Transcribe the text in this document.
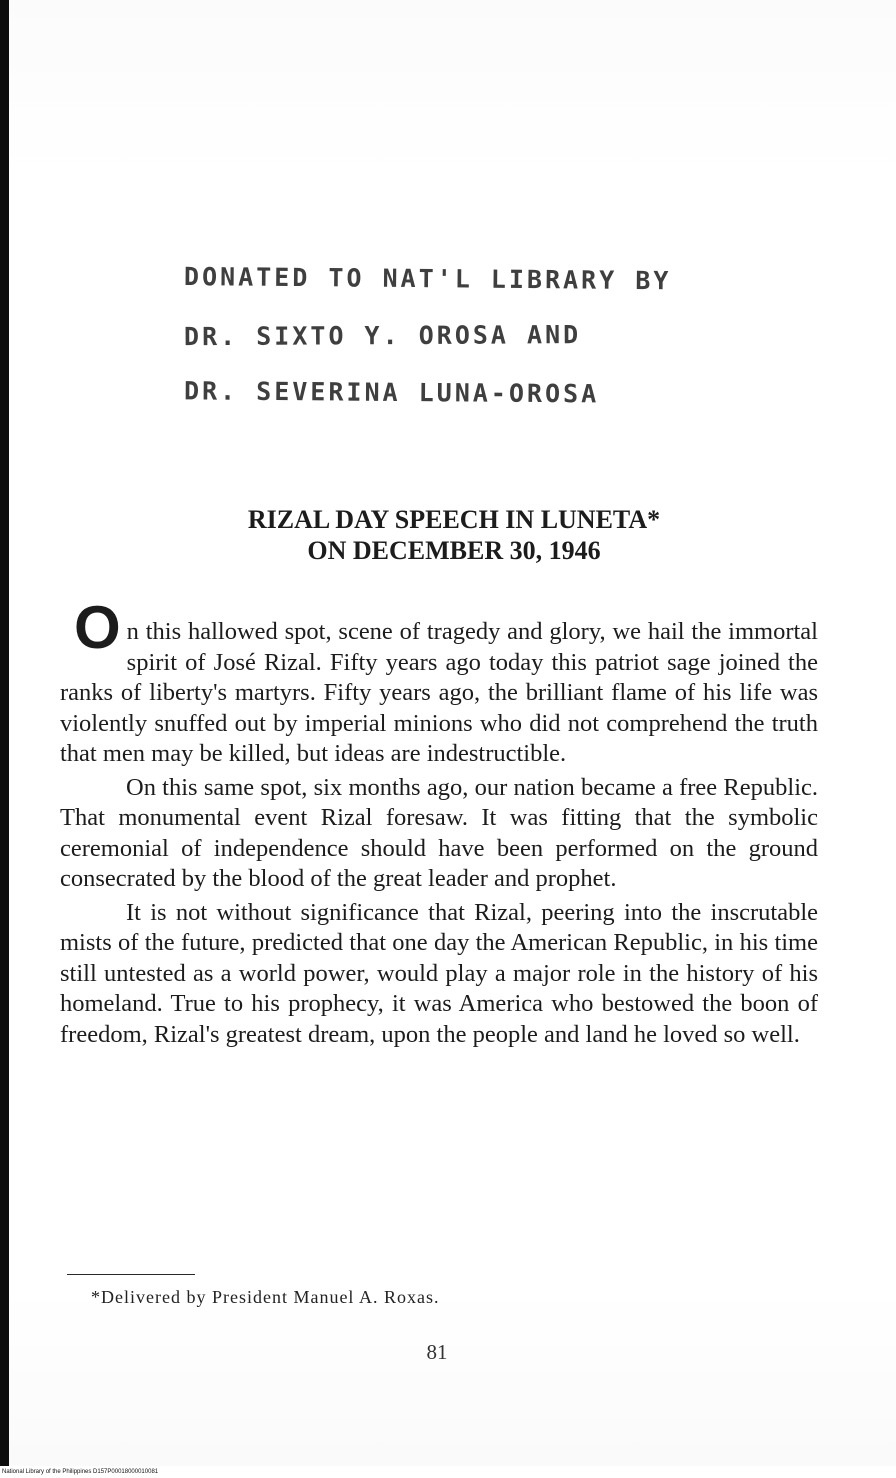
DONATED TO NAT'L LIBRARY BY
DR. SIXTO Y. OROSA AND
DR. SEVERINA LUNA-OROSA
RIZAL DAY SPEECH IN LUNETA*
ON DECEMBER 30, 1946

On this hallowed spot, scene of tragedy and glory, we hail the immortal spirit of José Rizal. Fifty years ago today this patriot sage joined the ranks of liberty's martyrs. Fifty years ago, the brilliant flame of his life was violently snuffed out by imperial minions who did not comprehend the truth that men may be killed, but ideas are indestructible.

On this same spot, six months ago, our nation became a free Republic. That monumental event Rizal foresaw. It was fitting that the symbolic ceremonial of independence should have been performed on the ground consecrated by the blood of the great leader and prophet.

It is not without significance that Rizal, peering into the inscrutable mists of the future, predicted that one day the American Republic, in his time still untested as a world power, would play a major role in the history of his homeland. True to his prophecy, it was America who bestowed the boon of freedom, Rizal's greatest dream, upon the people and land he loved so well.

*Delivered by President Manuel A. Roxas.
81
National Library of the Philippines D157P00018000010081
